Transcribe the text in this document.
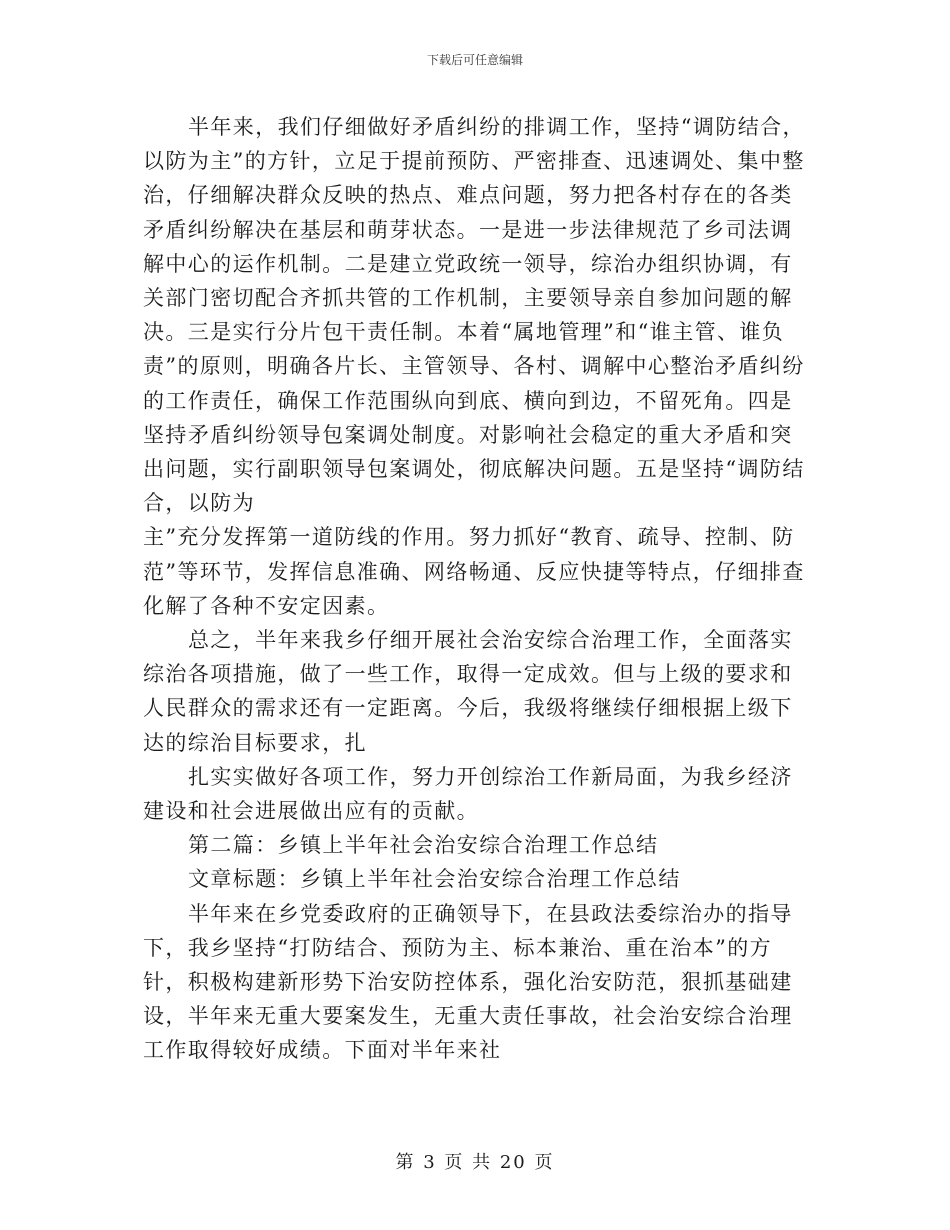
下载后可任意编辑

半年来，我们仔细做好矛盾纠纷的排调工作，坚持“调防结合，
以防为主”的方针，立足于提前预防、严密排查、迅速调处、集中整治，仔细解决群众反映的热点、难点问题，努力把各村存在的各类矛盾纠纷解决在基层和萌芽状态。一是进一步法律规范了乡司法调解中心的运作机制。二是建立党政统一领导，综治办组织协调，有关部门密切配合齐抓共管的工作机制，主要领导亲自参加问题的解决。三是实行分片包干责任制。本着“属地管理”和“谁主管、谁负责”的原则，明确各片长、主管领导、各村、调解中心整治矛盾纠纷的工作责任，确保工作范围纵向到底、横向到边，不留死角。四是坚持矛盾纠纷领导包案调处制度。对影响社会稳定的重大矛盾和突出问题，实行副职领导包案调处，彻底解决问题。五是坚持“调防结合，以防为
主”充分发挥第一道防线的作用。努力抓好“教育、疏导、控制、防范”等环节，发挥信息准确、网络畅通、反应快捷等特点，仔细排查化解了各种不安定因素。

总之，半年来我乡仔细开展社会治安综合治理工作，全面落实综治各项措施，做了一些工作，取得一定成效。但与上级的要求和人民群众的需求还有一定距离。今后，我级将继续仔细根据上级下达的综治目标要求，扎

扎实实做好各项工作，努力开创综治工作新局面，为我乡经济建设和社会进展做出应有的贡献。

第二篇：乡镇上半年社会治安综合治理工作总结

文章标题：乡镇上半年社会治安综合治理工作总结

半年来在乡党委政府的正确领导下，在县政法委综治办的指导下，我乡坚持“打防结合、预防为主、标本兼治、重在治本”的方针，积极构建新形势下治安防控体系，强化治安防范，狠抓基础建设，半年来无重大要案发生，无重大责任事故，社会治安综合治理工作取得较好成绩。下面对半年来社

第 3 页 共 20 页
